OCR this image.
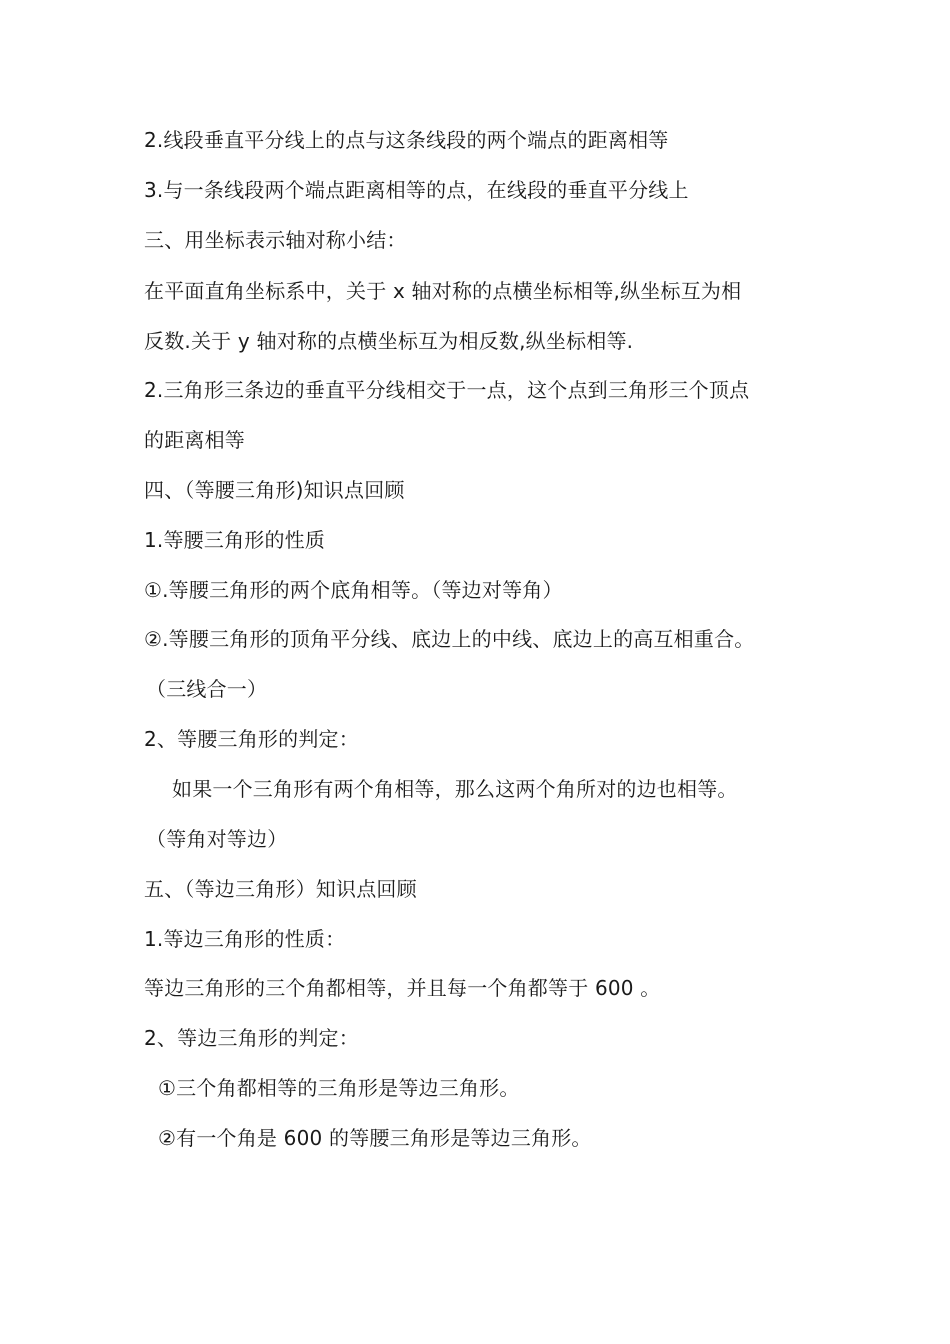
2.线段垂直平分线上的点与这条线段的两个端点的距离相等
3.与一条线段两个端点距离相等的点，在线段的垂直平分线上
三、用坐标表示轴对称小结：
在平面直角坐标系中，关于 x 轴对称的点横坐标相等,纵坐标互为相
反数.关于 y 轴对称的点横坐标互为相反数,纵坐标相等.
2.三角形三条边的垂直平分线相交于一点，这个点到三角形三个顶点
的距离相等
四、（等腰三角形)知识点回顾
1.等腰三角形的性质
①.等腰三角形的两个底角相等。（等边对等角）
②.等腰三角形的顶角平分线、底边上的中线、底边上的高互相重合。
（三线合一）
2、等腰三角形的判定：
如果一个三角形有两个角相等，那么这两个角所对的边也相等。
（等角对等边）
五、（等边三角形）知识点回顾
1.等边三角形的性质：
等边三角形的三个角都相等，并且每一个角都等于 600 。
2、等边三角形的判定：
①三个角都相等的三角形是等边三角形。
②有一个角是 600 的等腰三角形是等边三角形。
